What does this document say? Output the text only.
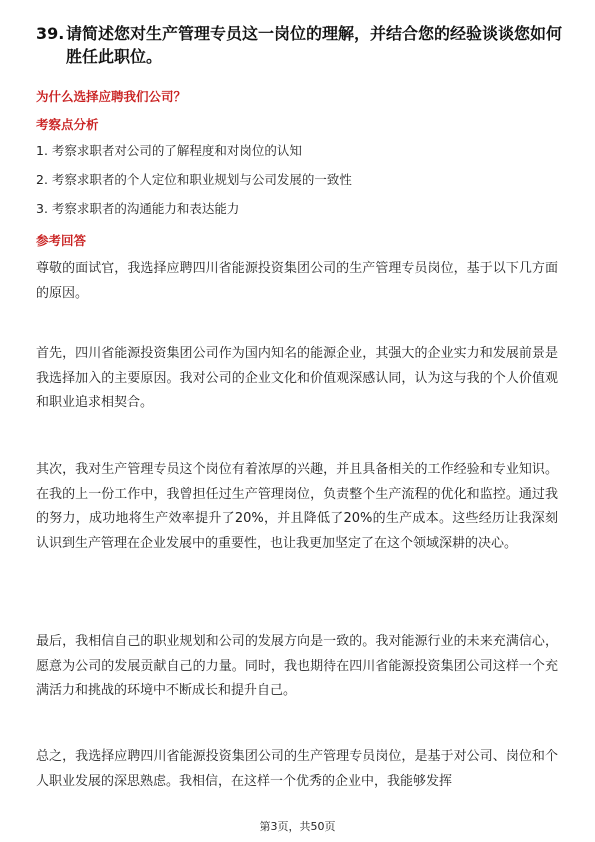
39. 请简述您对生产管理专员这一岗位的理解，并结合您的经验谈谈您如何胜任此职位。
为什么选择应聘我们公司？
考察点分析
1. 考察求职者对公司的了解程度和对岗位的认知
2. 考察求职者的个人定位和职业规划与公司发展的一致性
3. 考察求职者的沟通能力和表达能力
参考回答
尊敬的面试官，我选择应聘四川省能源投资集团公司的生产管理专员岗位，基于以下几方面的原因。
首先，四川省能源投资集团公司作为国内知名的能源企业，其强大的企业实力和发展前景是我选择加入的主要原因。我对公司的企业文化和价值观深感认同，认为这与我的个人价值观和职业追求相契合。
其次，我对生产管理专员这个岗位有着浓厚的兴趣，并且具备相关的工作经验和专业知识。在我的上一份工作中，我曾担任过生产管理岗位，负责整个生产流程的优化和监控。通过我的努力，成功地将生产效率提升了20%，并且降低了20%的生产成本。这些经历让我深刻认识到生产管理在企业发展中的重要性，也让我更加坚定了在这个领域深耕的决心。
最后，我相信自己的职业规划和公司的发展方向是一致的。我对能源行业的未来充满信心，愿意为公司的发展贡献自己的力量。同时，我也期待在四川省能源投资集团公司这样一个充满活力和挑战的环境中不断成长和提升自己。
总之，我选择应聘四川省能源投资集团公司的生产管理专员岗位，是基于对公司、岗位和个人职业发展的深思熟虑。我相信，在这样一个优秀的企业中，我能够发挥
第3页，共50页
